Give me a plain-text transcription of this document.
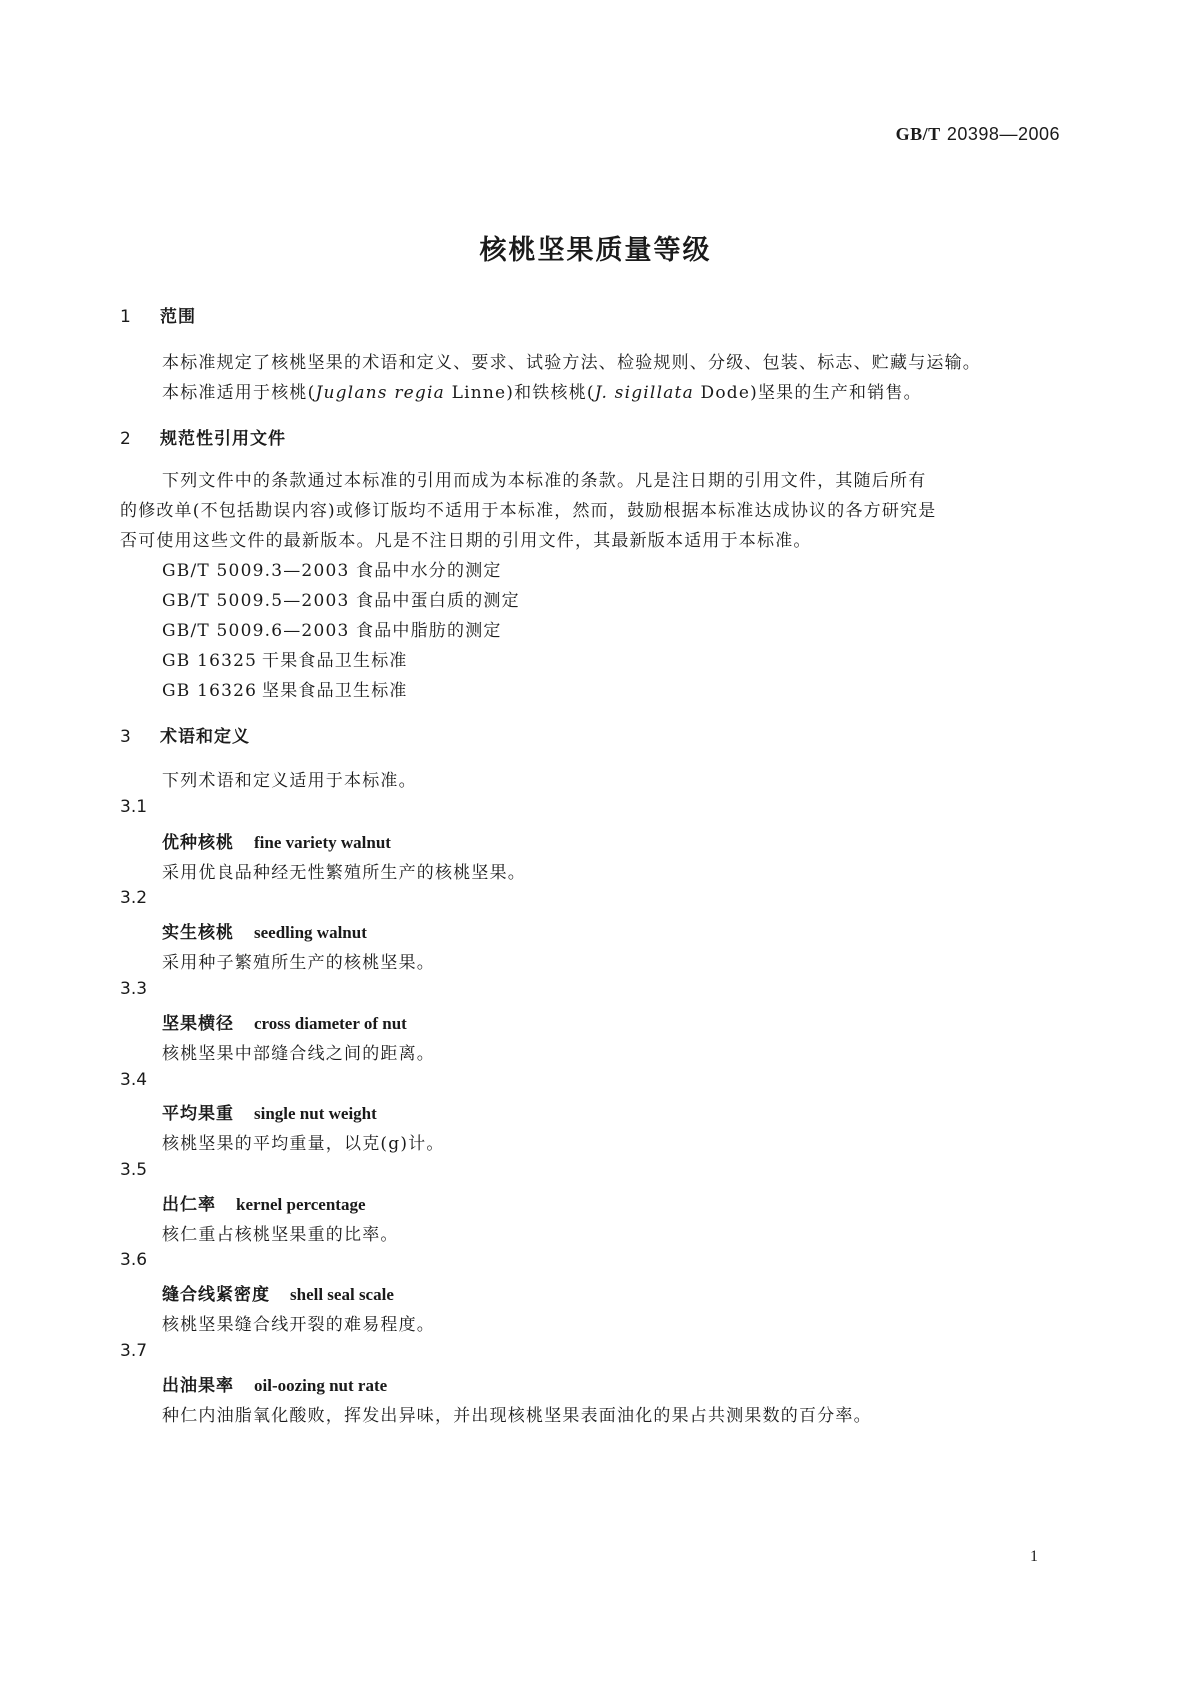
GB/T 20398—2006
核桃坚果质量等级
1 范围
本标准规定了核桃坚果的术语和定义、要求、试验方法、检验规则、分级、包装、标志、贮藏与运输。
本标准适用于核桃(Juglans regia Linne)和铁核桃(J. sigillata Dode)坚果的生产和销售。
2 规范性引用文件
下列文件中的条款通过本标准的引用而成为本标准的条款。凡是注日期的引用文件，其随后所有
的修改单(不包括勘误内容)或修订版均不适用于本标准，然而，鼓励根据本标准达成协议的各方研究是
否可使用这些文件的最新版本。凡是不注日期的引用文件，其最新版本适用于本标准。
GB/T 5009.3—2003 食品中水分的测定
GB/T 5009.5—2003 食品中蛋白质的测定
GB/T 5009.6—2003 食品中脂肪的测定
GB 16325 干果食品卫生标准
GB 16326 坚果食品卫生标准
3 术语和定义
下列术语和定义适用于本标准。
3.1
优种核桃 fine variety walnut
采用优良品种经无性繁殖所生产的核桃坚果。
3.2
实生核桃 seedling walnut
采用种子繁殖所生产的核桃坚果。
3.3
坚果横径 cross diameter of nut
核桃坚果中部缝合线之间的距离。
3.4
平均果重 single nut weight
核桃坚果的平均重量，以克(g)计。
3.5
出仁率 kernel percentage
核仁重占核桃坚果重的比率。
3.6
缝合线紧密度 shell seal scale
核桃坚果缝合线开裂的难易程度。
3.7
出油果率 oil-oozing nut rate
种仁内油脂氧化酸败，挥发出异味，并出现核桃坚果表面油化的果占共测果数的百分率。
1
